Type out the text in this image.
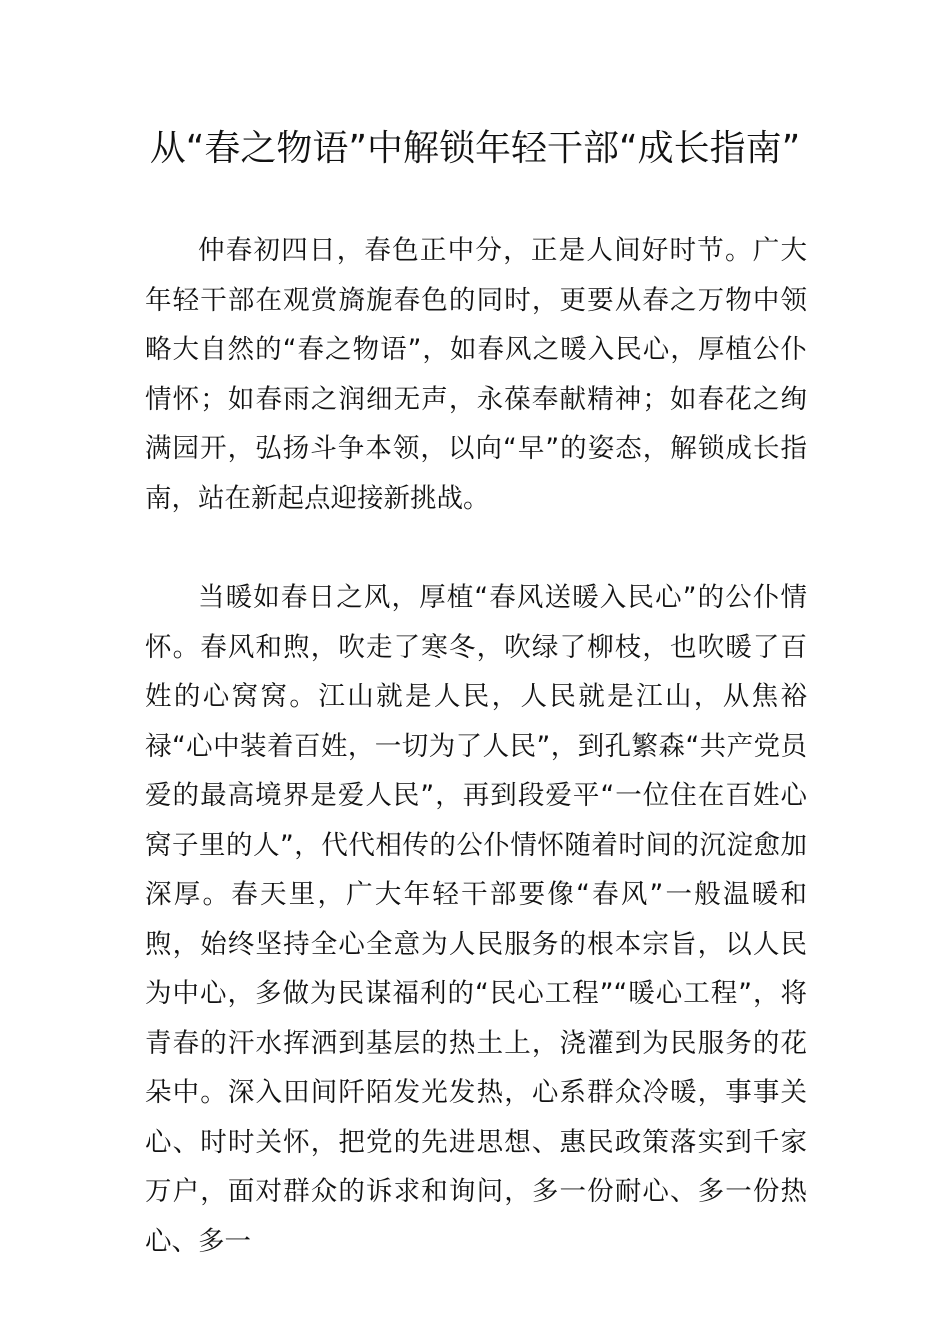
从“春之物语”中解锁年轻干部“成长指南”

仲春初四日，春色正中分，正是人间好时节。广大年轻干部在观赏旖旎春色的同时，更要从春之万物中领略大自然的“春之物语”，如春风之暖入民心，厚植公仆情怀；如春雨之润细无声，永葆奉献精神；如春花之绚满园开，弘扬斗争本领，以向“早”的姿态，解锁成长指南，站在新起点迎接新挑战。

当暖如春日之风，厚植“春风送暖入民心”的公仆情怀。春风和煦，吹走了寒冬，吹绿了柳枝，也吹暖了百姓的心窝窝。江山就是人民，人民就是江山，从焦裕禄“心中装着百姓，一切为了人民”，到孔繁森“共产党员爱的最高境界是爱人民”，再到段爱平“一位住在百姓心窝子里的人”，代代相传的公仆情怀随着时间的沉淀愈加深厚。春天里，广大年轻干部要像“春风”一般温暖和煦，始终坚持全心全意为人民服务的根本宗旨，以人民为中心，多做为民谋福利的“民心工程”“暖心工程”，将青春的汗水挥洒到基层的热土上，浇灌到为民服务的花朵中。深入田间阡陌发光发热，心系群众冷暖，事事关心、时时关怀，把党的先进思想、惠民政策落实到千家万户，面对群众的诉求和询问，多一份耐心、多一份热心、多一
